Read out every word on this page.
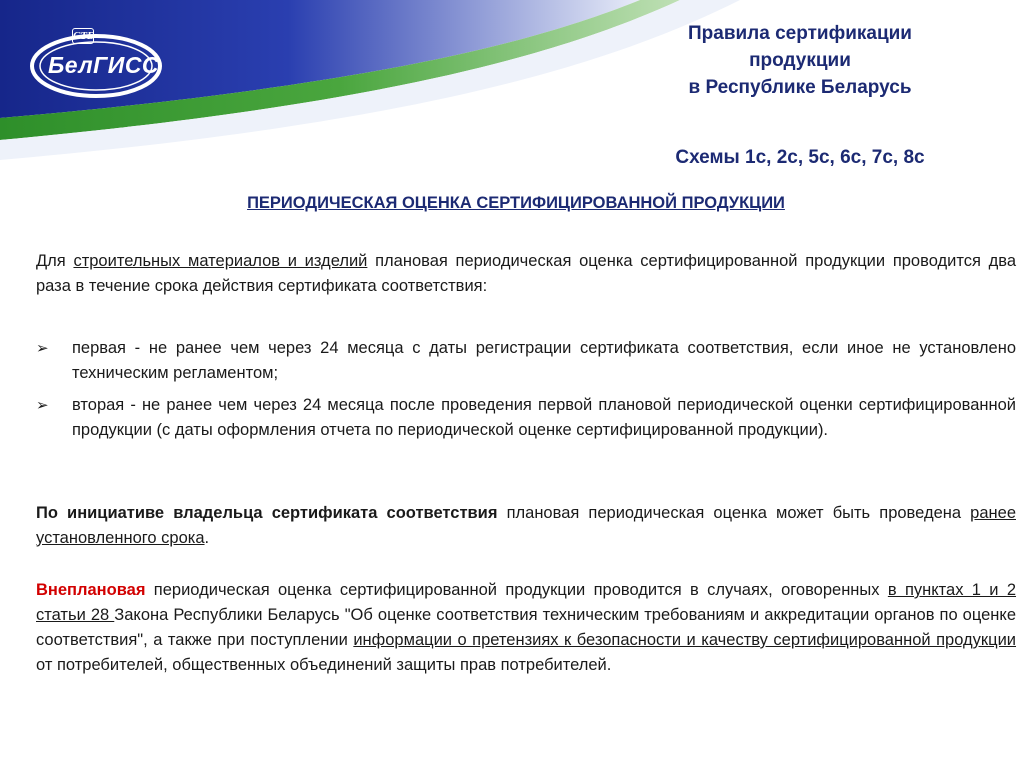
СТБ
БелГИСС
Правила сертификации
продукции
в Республике Беларусь
Схемы 1с, 2с, 5с, 6с, 7с, 8с
ПЕРИОДИЧЕСКАЯ ОЦЕНКА СЕРТИФИЦИРОВАННОЙ ПРОДУКЦИИ
Для строительных материалов и изделий плановая периодическая оценка сертифицированной продукции проводится два раза в течение срока действия сертификата соответствия:
➢	первая - не ранее чем через 24 месяца с даты регистрации сертификата соответствия, если иное не установлено техническим регламентом;
➢	вторая - не ранее чем через 24 месяца после проведения первой плановой периодической оценки сертифицированной продукции (с даты оформления отчета по периодической оценке сертифицированной продукции).
По инициативе владельца сертификата соответствия плановая периодическая оценка может быть проведена ранее установленного срока.
Внеплановая периодическая оценка сертифицированной продукции проводится в случаях, оговоренных в пунктах 1 и 2 статьи 28 Закона Республики Беларусь "Об оценке соответствия техническим требованиям и аккредитации органов по оценке соответствия", а также при поступлении информации о претензиях к безопасности и качеству сертифицированной продукции от потребителей, общественных объединений защиты прав потребителей.
